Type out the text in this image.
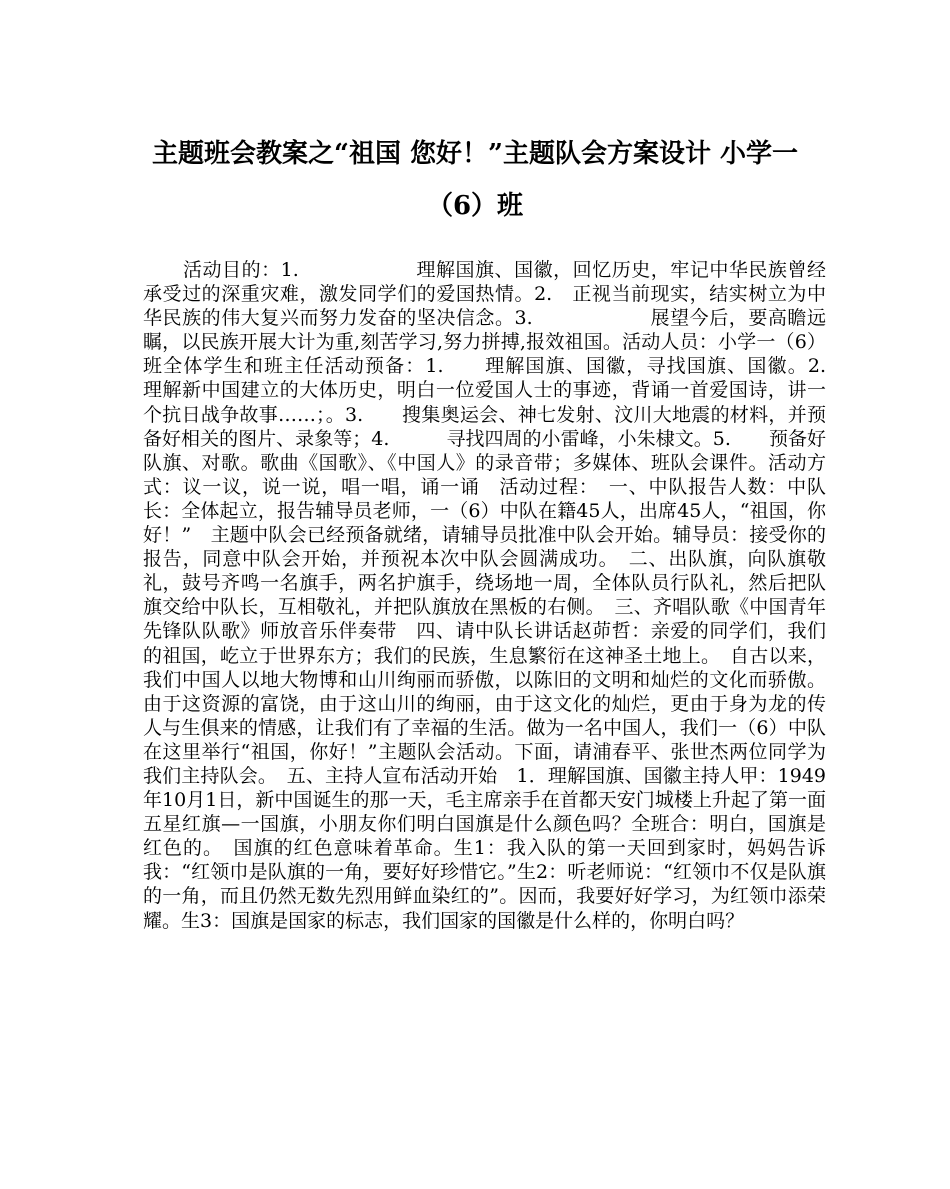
主题班会教案之“祖国 您好！”主题队会方案设计 小学一（6）班

活动目的：1.　　　　　　理解国旗、国徽，回忆历史，牢记中华民族曾经承受过的深重灾难，激发同学们的爱国热情。2.　正视当前现实，结实树立为中华民族的伟大复兴而努力发奋的坚决信念。3.　　　　　　展望今后，要高瞻远瞩，以民族开展大计为重,刻苦学习,努力拼搏,报效祖国。活动人员：小学一（6）班全体学生和班主任活动预备：1.　　理解国旗、国徽，寻找国旗、国徽。2.　　理解新中国建立的大体历史，明白一位爱国人士的事迹，背诵一首爱国诗，讲一个抗日战争故事……；。3.　　搜集奥运会、神七发射、汶川大地震的材料，并预备好相关的图片、录象等；4.　　　寻找四周的小雷峰，小朱棣文。5.　　预备好队旗、对歌。歌曲《国歌》、《中国人》的录音带；多媒体、班队会课件。活动方式：议一议，说一说，唱一唱，诵一诵　活动过程：　一、中队报告人数：中队长：全体起立，报告辅导员老师，一（6）中队在籍45人，出席45人，“祖国，你好！”　主题中队会已经预备就绪，请辅导员批准中队会开始。辅导员：接受你的报告，同意中队会开始，并预祝本次中队会圆满成功。　二、出队旗，向队旗敬礼，鼓号齐鸣一名旗手，两名护旗手，绕场地一周，全体队员行队礼，然后把队旗交给中队长，互相敬礼，并把队旗放在黑板的右侧。　三、齐唱队歌《中国青年先锋队队歌》师放音乐伴奏带　四、请中队长讲话赵茆哲：亲爱的同学们，我们的祖国，屹立于世界东方；我们的民族，生息繁衍在这神圣土地上。　自古以来，我们中国人以地大物博和山川绚丽而骄傲，以陈旧的文明和灿烂的文化而骄傲。由于这资源的富饶，由于这山川的绚丽，由于这文化的灿烂，更由于身为龙的传人与生俱来的情感，让我们有了幸福的生活。做为一名中国人，我们一（6）中队在这里举行“祖国，你好！”主题队会活动。下面，请浦春平、张世杰两位同学为我们主持队会。　五、主持人宣布活动开始　1．理解国旗、国徽主持人甲：1949年10月1日，新中国诞生的那一天，毛主席亲手在首都天安门城楼上升起了第一面五星红旗—一国旗，小朋友你们明白国旗是什么颜色吗？全班合：明白，国旗是红色的。　国旗的红色意味着革命。生1：我入队的第一天回到家时，妈妈告诉我：“红领巾是队旗的一角，要好好珍惜它。”生2：听老师说：“红领巾不仅是队旗的一角，而且仍然无数先烈用鲜血染红的”。因而，我要好好学习，为红领巾添荣耀。生3：国旗是国家的标志，我们国家的国徽是什么样的，你明白吗？
